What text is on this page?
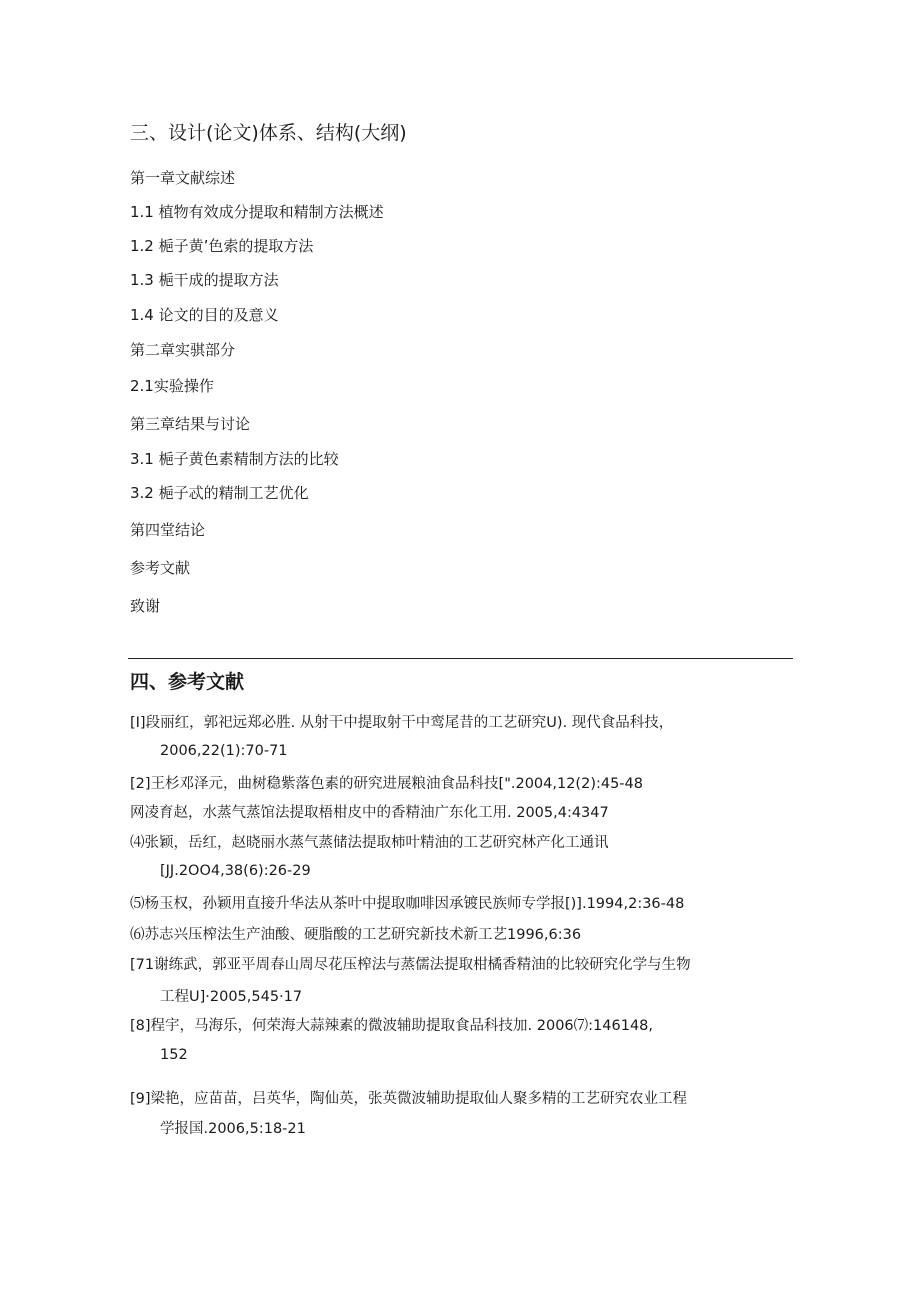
三、设计(论文)体系、结构(大纲)
第一章文献综述
1.1 植物有效成分提取和精制方法概述
1.2 梔子黄’色索的提取方法
1.3 梔干成的提取方法
1.4 论文的目的及意义
第二章实骐部分
2.1实验操作
第三章结果与讨论
3.1 梔子黄色素精制方法的比较
3.2 梔子忒的精制工艺优化
第四堂结论
参考文献
致谢
四、参考文献
[I]段丽红，郭祀远郑必胜. 从射干中提取射干中鸾尾昔的工艺研究U). 现代食品科技，
2006,22(1):70-71
[2]王杉邓泽元，曲树稳紫落色素的研究进展粮油食品科技[".2004,12(2):45-48
网凌育赵，水蒸气蒸馆法提取梧柑皮中的香精油广东化工用. 2005,4:4347
⑷张颖，岳红，赵晓丽水蒸气蒸储法提取柿叶精油的工艺研究林产化工通讯
[JJ.2OO4,38(6):26-29
⑸杨玉权，孙颖用直接升华法从茶叶中提取咖啡因承镀民族师专学报[)].1994,2:36-48
⑹苏志兴压榨法生产油酸、硬脂酸的工艺研究新技术新工艺1996,6:36
[71谢练武，郭亚平周春山周尽花压榨法与蒸儒法提取柑橘香精油的比较研究化学与生物
工程U]·2005,545·17
[8]程宇，马海乐，何荣海大蒜辣素的微波辅助提取食品科技加. 2006⑺:146148,
152
[9]梁艳，应苗苗，吕英华，陶仙英，张英微波辅助提取仙人聚多精的工艺研究农业工程
学报国.2006,5:18-21
